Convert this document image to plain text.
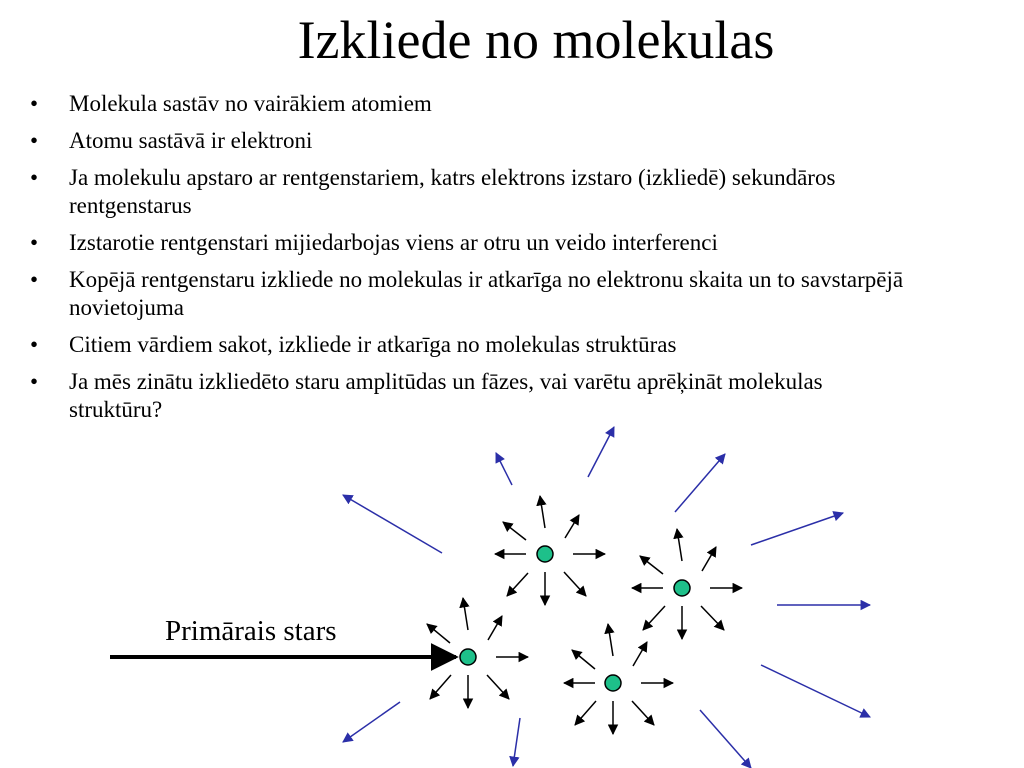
Izkliede no molekulas
• Molekula sastāv no vairākiem atomiem
• Atomu sastāvā ir elektroni
• Ja molekulu apstaro ar rentgenstariem, katrs elektrons izstaro (izkliedē) sekundāros rentgenstarus
• Izstarotie rentgenstari mijiedarbojas viens ar otru un veido interferenci
• Kopējā rentgenstaru izkliede no molekulas ir atkarīga no elektronu skaita un to savstarpējā novietojuma
• Citiem vārdiem sakot, izkliede ir atkarīga no molekulas struktūras
• Ja mēs zinātu izkliedēto staru amplitūdas un fāzes, vai varētu aprēķināt molekulas struktūru?
Primārais stars
